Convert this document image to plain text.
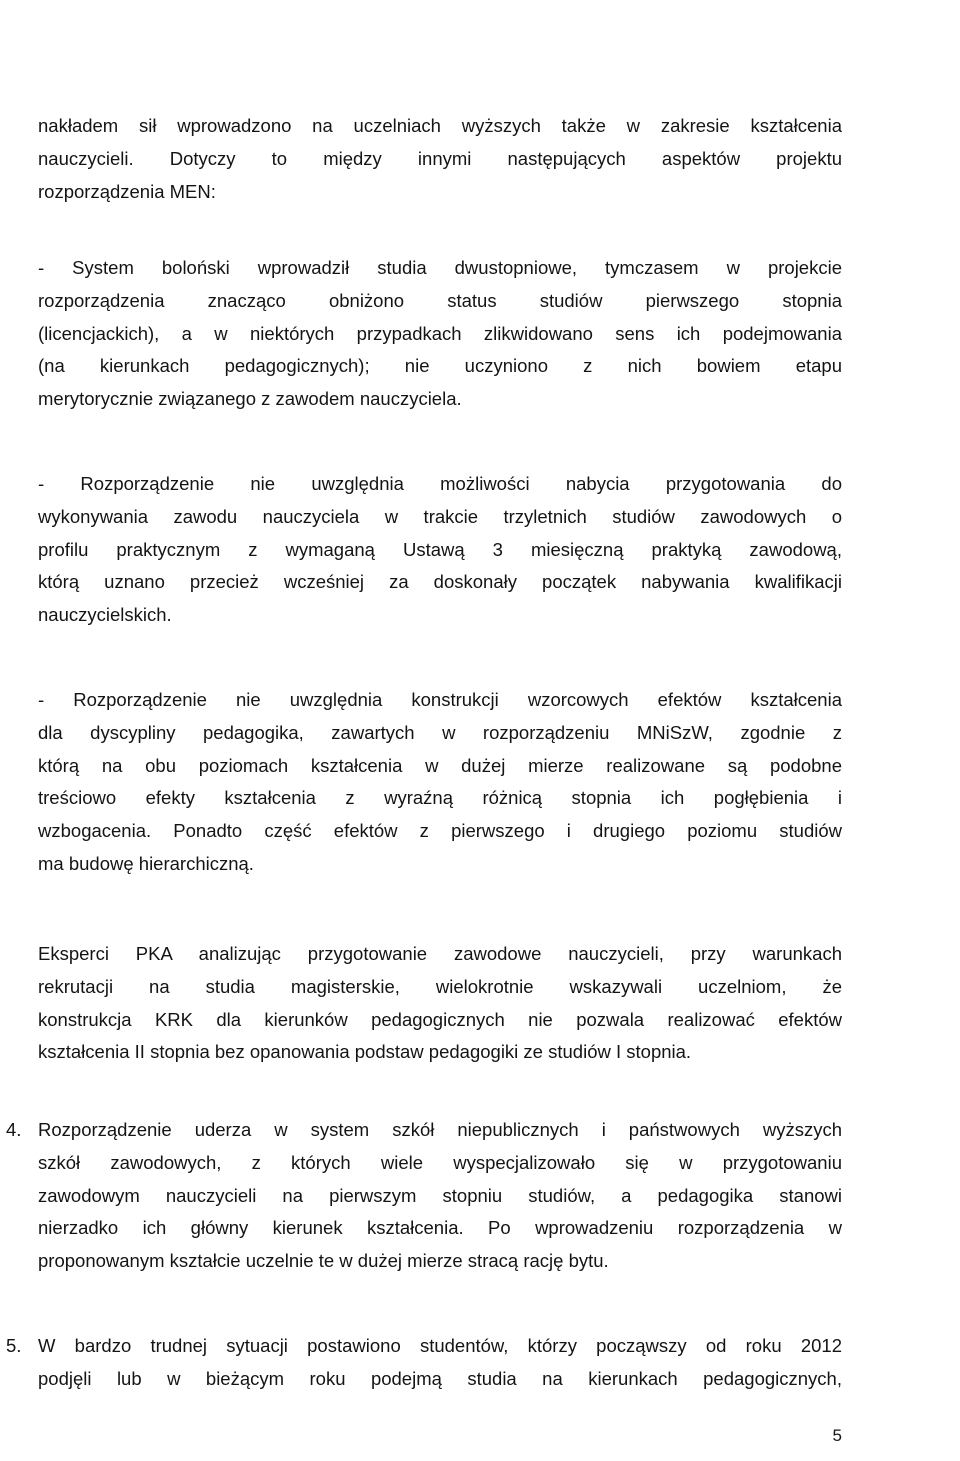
nakładem sił wprowadzono na uczelniach wyższych także w zakresie kształcenia
nauczycieli. Dotyczy to między innymi następujących aspektów projektu
rozporządzenia MEN:
- System boloński wprowadził studia dwustopniowe, tymczasem w projekcie
rozporządzenia znacząco obniżono status studiów pierwszego stopnia
(licencjackich), a w niektórych przypadkach zlikwidowano sens ich podejmowania
(na kierunkach pedagogicznych); nie uczyniono z nich bowiem etapu
merytorycznie związanego z zawodem nauczyciela.
- Rozporządzenie nie uwzględnia możliwości nabycia przygotowania do
wykonywania zawodu nauczyciela w trakcie trzyletnich studiów zawodowych o
profilu praktycznym z wymaganą Ustawą 3 miesięczną praktyką zawodową,
którą uznano przecież wcześniej za doskonały początek nabywania kwalifikacji
nauczycielskich.
- Rozporządzenie nie uwzględnia konstrukcji wzorcowych efektów kształcenia
dla dyscypliny pedagogika, zawartych w rozporządzeniu MNiSzW, zgodnie z
którą na obu poziomach kształcenia w dużej mierze realizowane są podobne
treściowo efekty kształcenia z wyraźną różnicą stopnia ich pogłębienia i
wzbogacenia. Ponadto część efektów z pierwszego i drugiego poziomu studiów
ma budowę hierarchiczną.
Eksperci PKA analizując przygotowanie zawodowe nauczycieli, przy warunkach
rekrutacji na studia magisterskie, wielokrotnie wskazywali uczelniom, że
konstrukcja KRK dla kierunków pedagogicznych nie pozwala realizować efektów
kształcenia II stopnia bez opanowania podstaw pedagogiki ze studiów I stopnia.
4. Rozporządzenie uderza w system szkół niepublicznych i państwowych wyższych
szkół zawodowych, z których wiele wyspecjalizowało się w przygotowaniu
zawodowym nauczycieli na pierwszym stopniu studiów, a pedagogika stanowi
nierzadko ich główny kierunek kształcenia. Po wprowadzeniu rozporządzenia w
proponowanym kształcie uczelnie te w dużej mierze stracą rację bytu.
5. W bardzo trudnej sytuacji postawiono studentów, którzy począwszy od roku 2012
podjęli lub w bieżącym roku podejmą studia na kierunkach pedagogicznych,
5
